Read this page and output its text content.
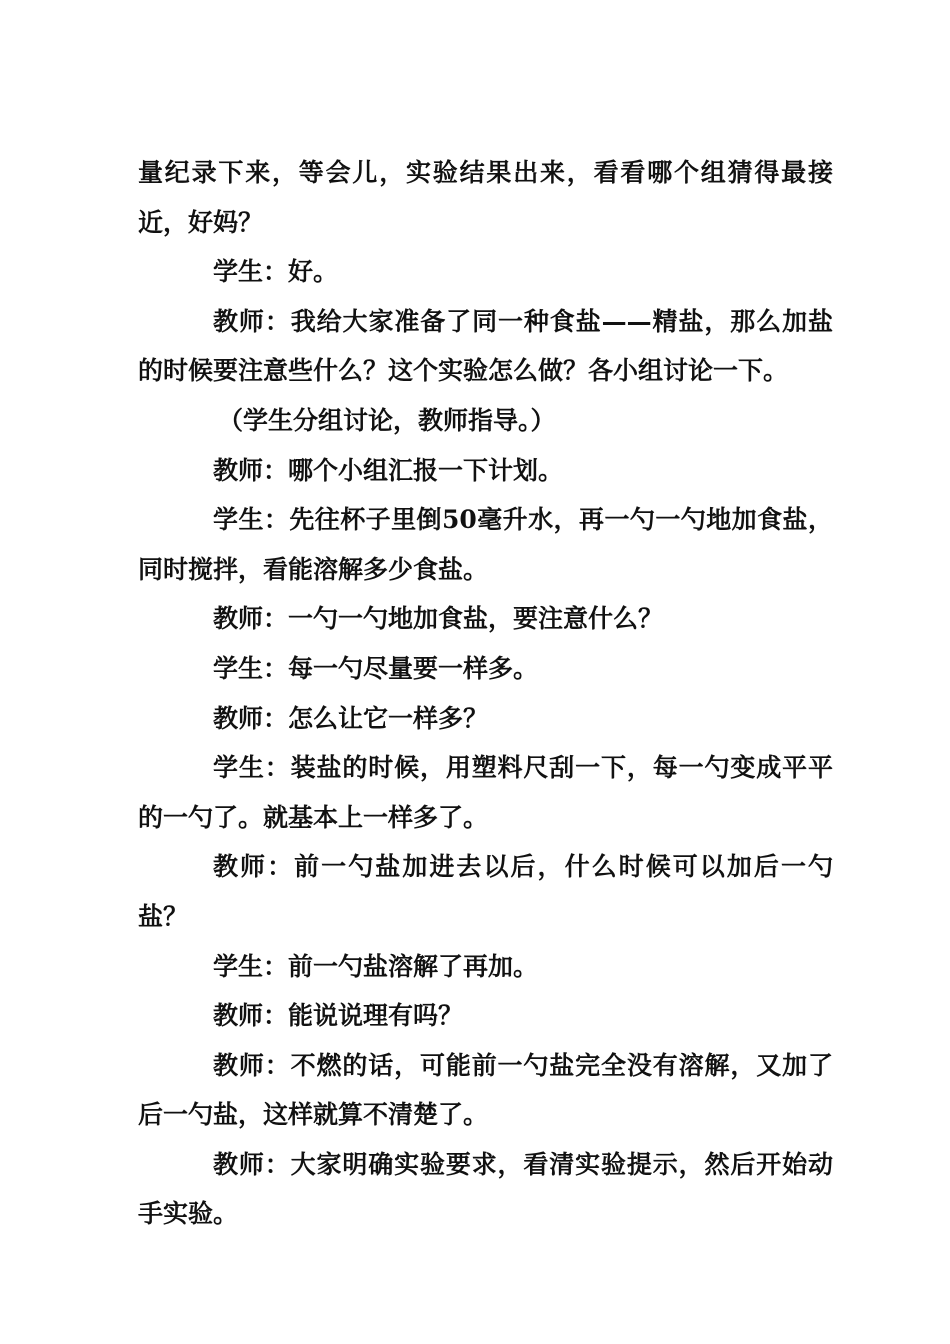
量纪录下来，等会儿，实验结果出来，看看哪个组猜得最接近，好妈？

学生：好。

教师：我给大家准备了同一种食盐——精盐，那么加盐的时候要注意些什么？这个实验怎么做？各小组讨论一下。

（学生分组讨论，教师指导。）

教师：哪个小组汇报一下计划。

学生：先往杯子里倒50毫升水，再一勺一勺地加食盐，同时搅拌，看能溶解多少食盐。

教师：一勺一勺地加食盐，要注意什么？

学生：每一勺尽量要一样多。

教师：怎么让它一样多？

学生：装盐的时候，用塑料尺刮一下，每一勺变成平平的一勺了。就基本上一样多了。

教师：前一勺盐加进去以后，什么时候可以加后一勺盐？

学生：前一勺盐溶解了再加。

教师：能说说理有吗？

教师：不燃的话，可能前一勺盐完全没有溶解，又加了后一勺盐，这样就算不清楚了。

教师：大家明确实验要求，看清实验提示，然后开始动手实验。
